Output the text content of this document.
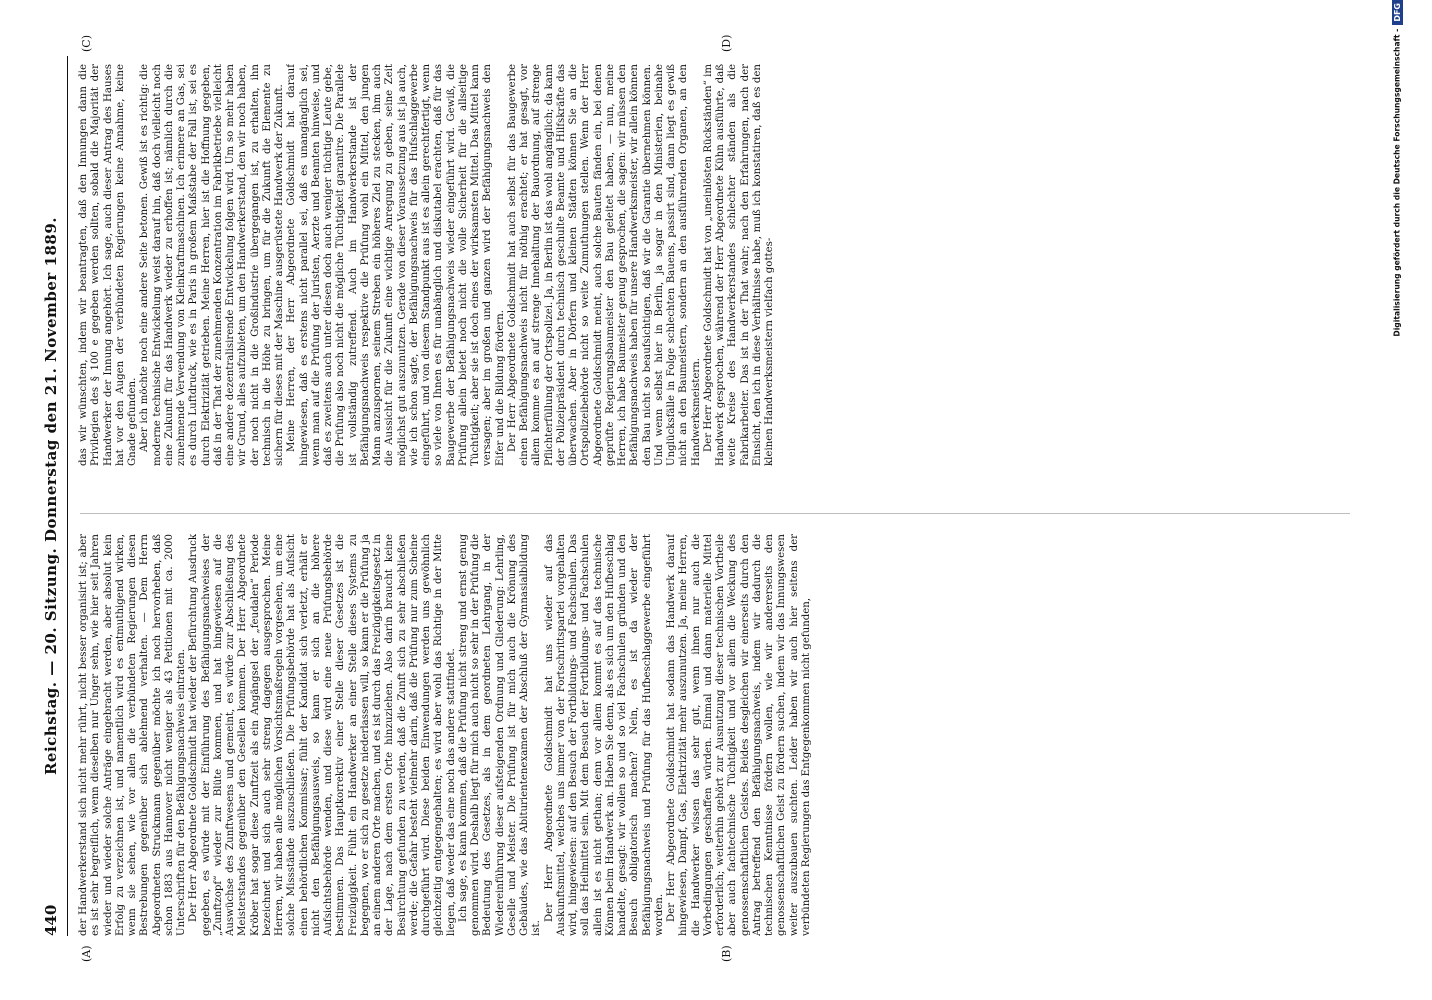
440
Reichstag. — 20. Sitzung. Donnerstag den 21. November 1889. der Handwerkerstand sich nicht mehr rührt, nicht besser organisirt ist; aber es ist sehr begreiflich, wenn dieselben nur Unger sehn, wie hier seit Jahren wieder und wieder solche Anträge eingebracht werden, aber absolut kein Erfolg zu verzeichnen ist, und namentlich wird es entmuthigend wirken, wenn sie sehen, wie vor allen die verbündeten Regierungen diesen Bestrebungen gegenüber sich ablehnend verhalten. — Dem Herrn Abgeordneten Struckmann gegenüber möchte ich noch hervorheben, daß schon 1883 aus Hannover nicht weniger als 43 Petitionen mit ca. 2000 Unterschriften für den Befähigungsnachweis eintraten. Der Herr Abgeordnete Goldschmidt hat wieder der Befürchtung Ausdruck gegeben, es würde mit der Einführung des Befähigungsnachweises der „Zunftzopf“ wieder zur Blüte kommen, und hat hingewiesen auf die Auswüchse des Zunftwesens und gemeint, es würde zur Abschließung des Meisterstandes gegenüber den Gesellen kommen. Der Herr Abgeordnete Kröber hat sogar diese Zunftzeit als ein Angängsel der „feudalen“ Periode bezeichnet und sich auch sehr streng dagegen ausgesprochen. Meine Herren, wir haben alle möglichen Vorsichtsmaßregeln vorgesehen, um eine solche Missstände auszuschließen. Die Prüfungsbehörde hat als Aufsicht einen behördlichen Kommissar; fühlt der Kandidat sich verletzt, erhält er nicht den Befähigungsausweis, so kann er sich an die höhere Aufsichtsbehörde wenden, und diese wird eine neue Prüfungsbehörde bestimmen. Das Hauptkorrektiv einer Stelle dieser Gesetzes ist die Freizügigkeit. Fühlt ein Handwerker an einer Stelle dieses Systems zu begegnen, wo er sich zu gesetze niederlassen will, so kann er die Prüfung ja an einem anderen Orte machen, und es ist durch das Freizügigkeitsgesetz in der Lage, nach dem ersten Orte hinzuziehen. Also darin braucht keine Besürchtung gefunden zu werden, daß die Zunft sich zu sehr abschließen werde; die Gefahr besteht vielmehr darin, daß die Prüfung nur zum Scheine durchgeführt wird. Diese beiden Einwendungen werden uns gewöhnlich gleichzeitig entgegengehalten; es wird aber wohl das Richtige in der Mitte liegen, daß weder das eine noch das andere stattfindet. Ich sage, es kann kommen, daß die Prüfung nicht streng und ernst genug genommen wird. Deshalb liegt für mich auch nicht so sehr in der Prüfung die Bedeutung des Gesetzes, als in dem geordneten Lehrgang, in der Wiedereinführung dieser aufsteigenden Ordnung und Gliederung: Lehrling, Geselle und Meister. Die Prüfung ist für mich auch die Krönung des Gebäudes, wie das Abiturientenexamen der Abschluß der Gymnasialbildung ist.

Der Herr Abgeordnete Goldschmidt hat uns wieder auf das Auskunftsmittel, welches uns immer von der Fortschrittspartei vorgehalten wird, hingewiesen: auf den Besuch der Fortbildungs- und Fachschulen. Das soll das Heilmittel sein. Mit dem Besuch der Fortbildungs- und Fachschulen allein ist es nicht gethan; denn vor allem kommt es auf das technische Können beim Handwerk an. Haben Sie denn, als es sich um den Hufbeschlag handelte, gesagt: wir wollen so und so viel Fachschulen gründen und den Besuch obligatorisch machen? Nein, es ist da wieder der Befähigungsnachweis und Prüfung für das Hufbeschlaggewerbe eingeführt worden. Der Herr Abgeordnete Goldschmidt hat sodann das Handwerk darauf hingewiesen, Dampf, Gas, Elektrizität mehr auszunutzen. Ja, meine Herren, die Handwerker wissen das sehr gut, wenn ihnen nur auch die Vorbedingungen geschaffen würden. Einmal und dann materielle Mittel erforderlich; weiterhin gehört zur Ausnutzung dieser technischen Vortheile aber auch fachtechnische Tüchtigkeit und vor allem die Weckung des genossenschaftlichen Geistes. Beides desgleichen wir einerseits durch den Antrag betreffend den Befähigungsnachweis, indem wir dadurch die technischen Kenntnisse fördern wollen, wie wir andererseits den genossenschaftlichen Geist zu fördern suchen, indem wir das Innungswesen weiter auszubauen suchten. Leider haben wir auch hier seitens der verbündeten Regierungen das Entgegenkommen nicht gefunden,

das wir wünschten, indem wir beantragten, daß den Innungen dann die Privilegien des § 100 e gegeben werden sollten, sobald die Majorität der Handwerker der Innung angehört. Ich sage, auch dieser Antrag des Hauses hat vor den Augen der verbündeten Regierungen keine Annahme, keine Gnade gefunden. Aber ich möchte noch eine andere Seite betonen. Gewiß ist es richtig: die moderne technische Entwickelung weist darauf hin, daß doch vielleicht noch eine Zukunft für das Handwerk wieder zu erhoffen ist; nämlich durch die zunehmende Verwendung von Kleinkraftmaschinen. Ich erinnere an Gas, sei es durch Luftdruck, wie es in Paris in großem Maßstabe der Fall ist, sei es durch Elektrizität getrieben. Meine Herren, hier ist die Hoffnung gegeben, daß in der That der zunehmenden Konzentration im Fabrikbetriebe vielleicht eine andere dezentralisirende Entwickelung folgen wird. Um so mehr haben wir Grund, alles aufzubieten, um den Handwerkerstand, den wir noch haben, der noch nicht in die Großindustrie übergegangen ist, zu erhalten, ihn technisch in die Höhe zu bringen, um für die Zukunft die Elemente zu sichern für dieses mit der Maschine ausgerüstete Handwerk der Zukunft. Meine Herren, der Herr Abgeordnete Goldschmidt hat darauf hingewiesen, daß es erstens nicht parallel sei, daß es unangänglich sei, wenn man auf die Prüfung der Juristen, Aerzte und Beamten hinweise, und daß es zweitens auch unter diesen doch auch weniger tüchtige Leute gebe, die Prüfung also noch nicht die mögliche Tüchtigkeit garantire. Die Parallele ist vollständig zutreffend. Auch im Handwerkerstande ist der Befähigungsnachweis respektive die Prüfung wohl ein Mittel, den jungen Mann anzuspornen, seinem Streben ein höheres Ziel zu stecken, ihm auch die Aussicht für die Zukunft eine wichtige Anregung zu geben, seine Zeit möglichst gut auszunutzen. Gerade von dieser Voraussetzung aus ist ja auch, wie ich schon sagte, der Befähigungsnachweis für das Hufschlaggewerbe eingeführt, und von diesem Standpunkt aus ist es allein gerechtfertigt, wenn so viele von Ihnen es für unabänglich und diskutabel erachten, daß für das Baugewerbe der Befähigungsnachweis wieder eingeführt wird. Gewiß, die Prüfung allein bietet noch nicht die volle Sicherheit für die allseitige Tüchtigkeit; aber sie ist doch eines der wirksamsten Mittel. Das Mittel kann versagen; aber im großen und ganzen wird der Befähigungsnachweis den Eifer und die Bildung fördern. Der Herr Abgeordnete Goldschmidt hat auch selbst für das Baugewerbe einen Befähigungsnachweis nicht für nöthig erachtet; er hat gesagt, vor allem komme es an auf strenge Innehaltung der Bauordnung, auf strenge Pflichterfüllung der Ortspolizei. Ja, in Berlin ist das wohl angänglich; da kann der Polizeipräsident durch technisch geschulte Beamte und Hilfskräfte das überwachen. Aber in Dörfern und kleinen Städten können Sie an die Ortspolizeibehörde nicht so weite Zumuthungen stellen. Wenn der Herr Abgeordnete Goldschmidt meint, auch solche Bauten fänden ein, bei denen geprüfte Regierungsbaumeister den Bau geleitet haben, — nun, meine Herren, ich habe Baumeister genug gesprochen, die sagen: wir müssen den Befähigungsnachweis haben für unsere Handwerksmeister, wir allein können den Bau nicht so beaufsichtigen, daß wir die Garantie übernehmen können. Und wenn selbst hier in Berlin, ja sogar in den Ministerien, beinahe Unglücksfälle in Folge schlechten Bauens, passirt sind, dann liegt es gewiß nicht an den Baumeistern, sondern an den ausführenden Organen, an den Handwerksmeistern. Der Herr Abgeordnete Goldschmidt hat von „uneinlösten Rückständen“ im Handwerk gesprochen, während der Herr Abgeordnete Kühn ausführte, daß weite Kreise des Handwerkerstandes schlechter ständen als die Fabrikarbeiter. Das ist in der That wahr; nach den Erfahrungen, nach der Einsicht, den ich in diese Verhältnisse habe, muß ich konstatiren, daß es den kleinen Handwerksmeistern vielfach gottes-

(A)	(B)
(C)	(D)	Digitalisierung gefördert durch die Deutsche Forschungsgemeinschaft -DFG
